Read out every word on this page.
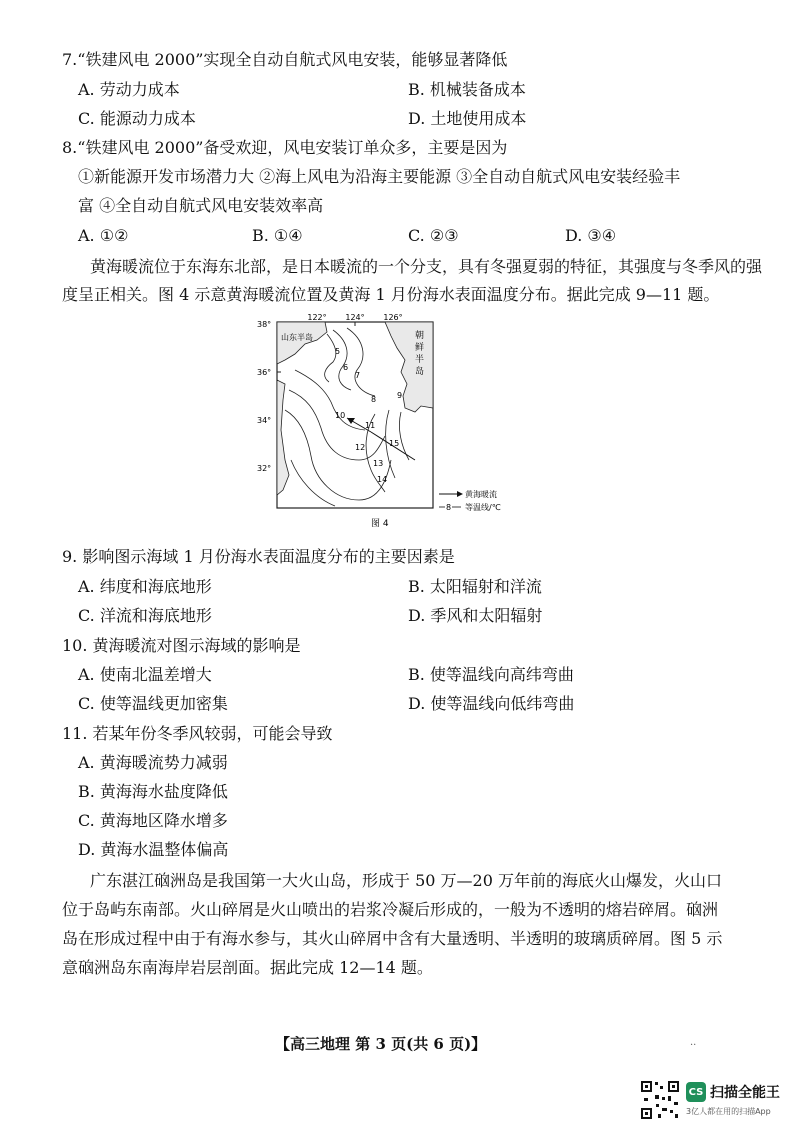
7.“铁建风电 2000”实现全自动自航式风电安装，能够显著降低
A. 劳动力成本	B. 机械装备成本
C. 能源动力成本	D. 土地使用成本
8.“铁建风电 2000”备受欢迎，风电安装订单众多，主要是因为
①新能源开发市场潜力大 ②海上风电为沿海主要能源 ③全自动自航式风电安装经验丰
富 ④全自动自航式风电安装效率高
A. ①②	B. ①④	C. ②③	D. ③④
黄海暖流位于东海东北部，是日本暖流的一个分支，具有冬强夏弱的特征，其强度与冬季风的强
度呈正相关。图 4 示意黄海暖流位置及黄海 1 月份海水表面温度分布。据此完成 9—11 题。
122° 124° 126°
38°
36°
34°
32°
山东半岛	朝
鲜
半
岛
5
6
7
8	9
10
11
12
13
14
15
黄海暖流
8 等温线/℃
图 4
9. 影响图示海域 1 月份海水表面温度分布的主要因素是
A. 纬度和海底地形	B. 太阳辐射和洋流
C. 洋流和海底地形	D. 季风和太阳辐射
10. 黄海暖流对图示海域的影响是
A. 使南北温差增大	B. 使等温线向高纬弯曲
C. 使等温线更加密集	D. 使等温线向低纬弯曲
11. 若某年份冬季风较弱，可能会导致
A. 黄海暖流势力减弱
B. 黄海海水盐度降低
C. 黄海地区降水增多
D. 黄海水温整体偏高
广东湛江硇洲岛是我国第一大火山岛，形成于 50 万—20 万年前的海底火山爆发，火山口
位于岛屿东南部。火山碎屑是火山喷出的岩浆冷凝后形成的，一般为不透明的熔岩碎屑。硇洲
岛在形成过程中由于有海水参与，其火山碎屑中含有大量透明、半透明的玻璃质碎屑。图 5 示
意硇洲岛东南海岸岩层剖面。据此完成 12—14 题。
【高三地理 第 3 页(共 6 页)】	··
CS 扫描全能王
3亿人都在用的扫描App
